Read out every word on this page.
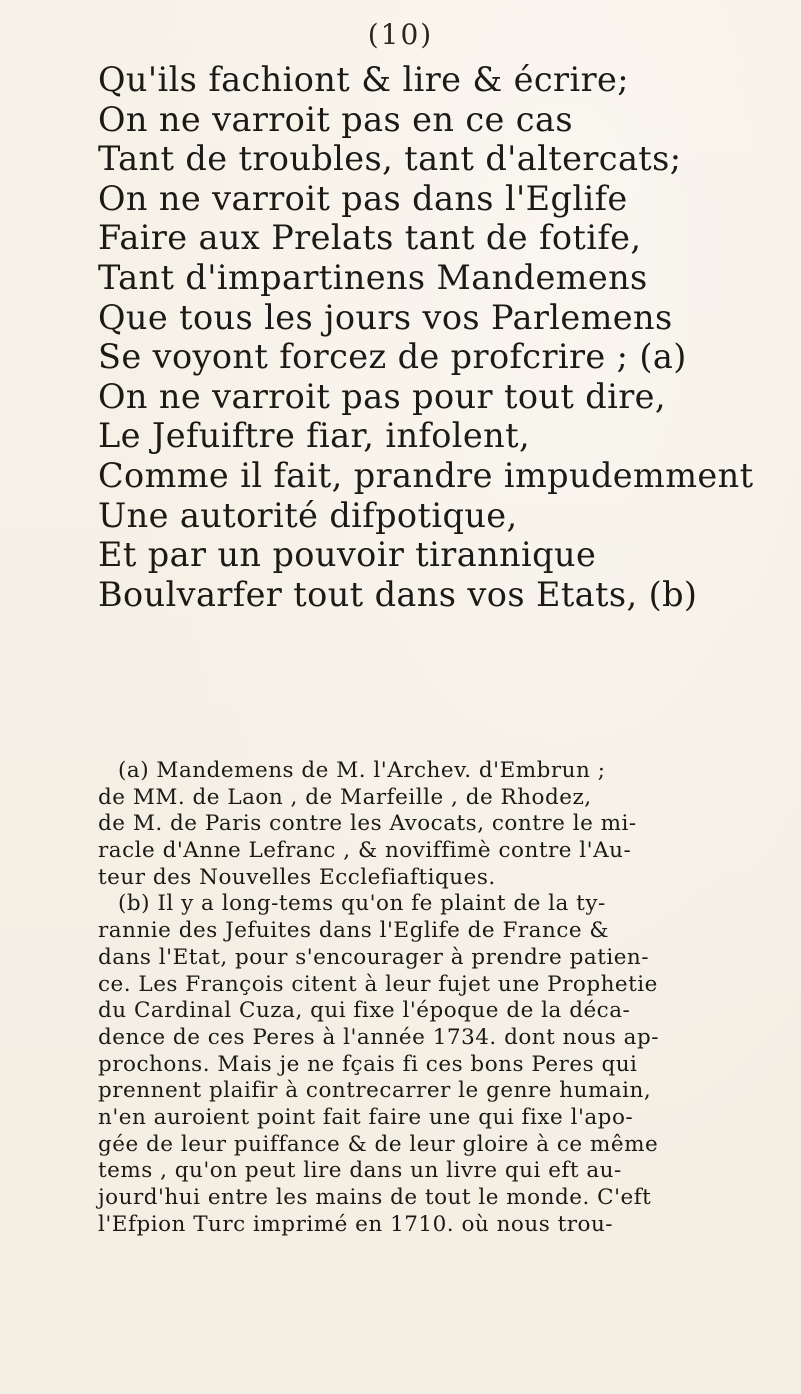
(10)
Qu'ils fachiont & lire & écrire;
On ne varroit pas en ce cas
Tant de troubles, tant d'altercats;
On ne varroit pas dans l'Eglife
Faire aux Prelats tant de fotife,
Tant d'impartinens Mandemens
Que tous les jours vos Parlemens
Se voyont forcez de profcrire ; (a)
On ne varroit pas pour tout dire,
Le Jefuiftre fiar, infolent,
Comme il fait, prandre impudemment
Une autorité difpotique,
Et par un pouvoir tirannique
Boulvarfer tout dans vos Etats, (b)
(a) Mandemens de M. l'Archev. d'Embrun ;
de MM. de Laon , de Marfeille , de Rhodez,
de M. de Paris contre les Avocats, contre le mi-
racle d'Anne Lefranc , & noviffimè contre l'Au-
teur des Nouvelles Ecclefiaftiques.
(b) Il y a long-tems qu'on fe plaint de la ty-
rannie des Jefuites dans l'Eglife de France &
dans l'Etat, pour s'encourager à prendre patien-
ce. Les François citent à leur fujet une Prophetie
du Cardinal Cuza, qui fixe l'époque de la déca-
dence de ces Peres à l'année 1734. dont nous ap-
prochons. Mais je ne fçais fi ces bons Peres qui
prennent plaifir à contrecarrer le genre humain,
n'en auroient point fait faire une qui fixe l'apo-
gée de leur puiffance & de leur gloire à ce même
tems , qu'on peut lire dans un livre qui eft au-
jourd'hui entre les mains de tout le monde. C'eft
l'Efpion Turc imprimé en 1710. où nous trou-
